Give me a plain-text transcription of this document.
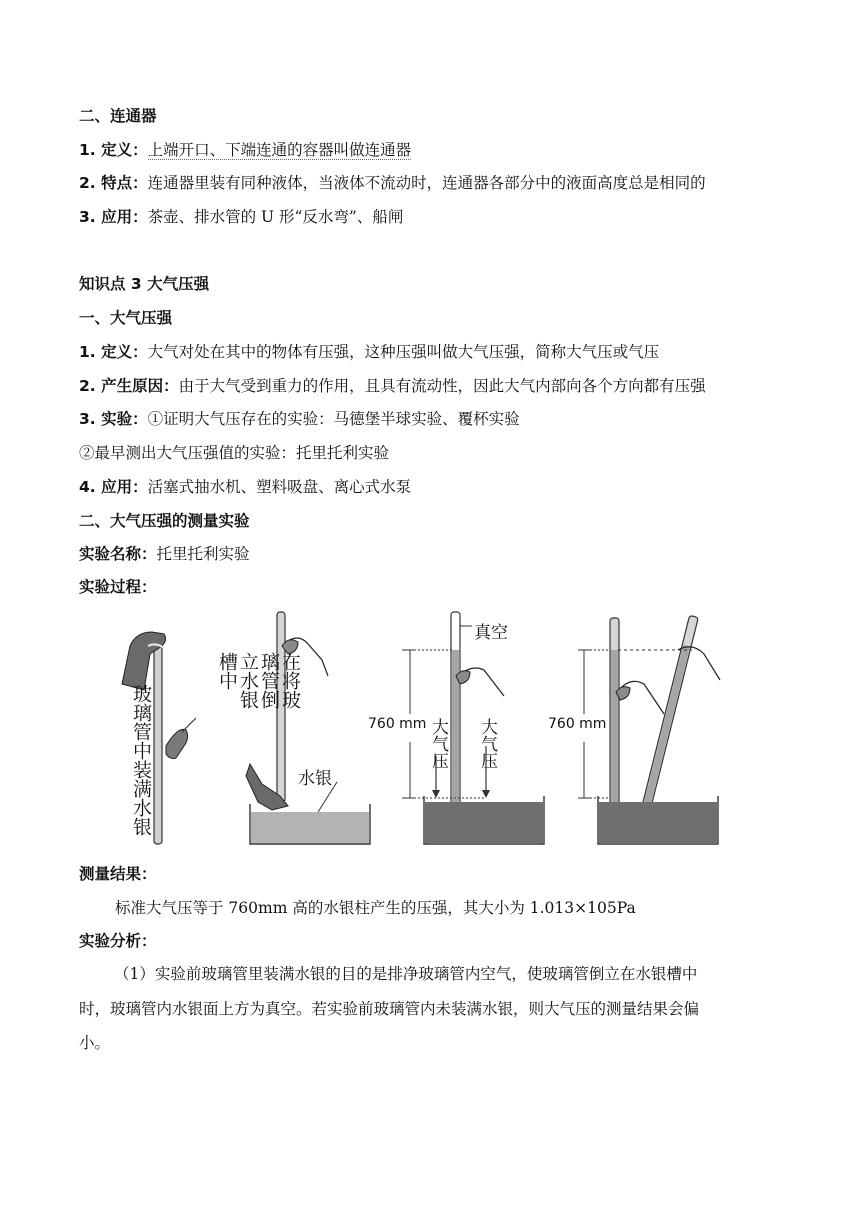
二、连通器
1. 定义：上端开口、下端连通的容器叫做连通器
2. 特点：连通器里装有同种液体，当液体不流动时，连通器各部分中的液面高度总是相同的
3. 应用：茶壶、排水管的 U 形“反水弯”、船闸
知识点 3 大气压强
一、大气压强
1. 定义：大气对处在其中的物体有压强，这种压强叫做大气压强，简称大气压或气压
2. 产生原因：由于大气受到重力的作用，且具有流动性，因此大气内部向各个方向都有压强
3. 实验：①证明大气压存在的实验：马德堡半球实验、覆杯实验
②最早测出大气压强值的实验：托里托利实验
4. 应用：活塞式抽水机、塑料吸盘、离心式水泵
二、大气压强的测量实验
实验名称：托里托利实验
实验过程：
玻璃管中装满水银
在将玻璃管倒立水银槽中
水银
真空
760 mm 大气压 大气压	760 mm
测量结果：
标准大气压等于 760mm 高的水银柱产生的压强，其大小为 1.013×105Pa
实验分析：
（1）实验前玻璃管里装满水银的目的是排净玻璃管内空气，使玻璃管倒立在水银槽中
时，玻璃管内水银面上方为真空。若实验前玻璃管内未装满水银，则大气压的测量结果会偏
小。
